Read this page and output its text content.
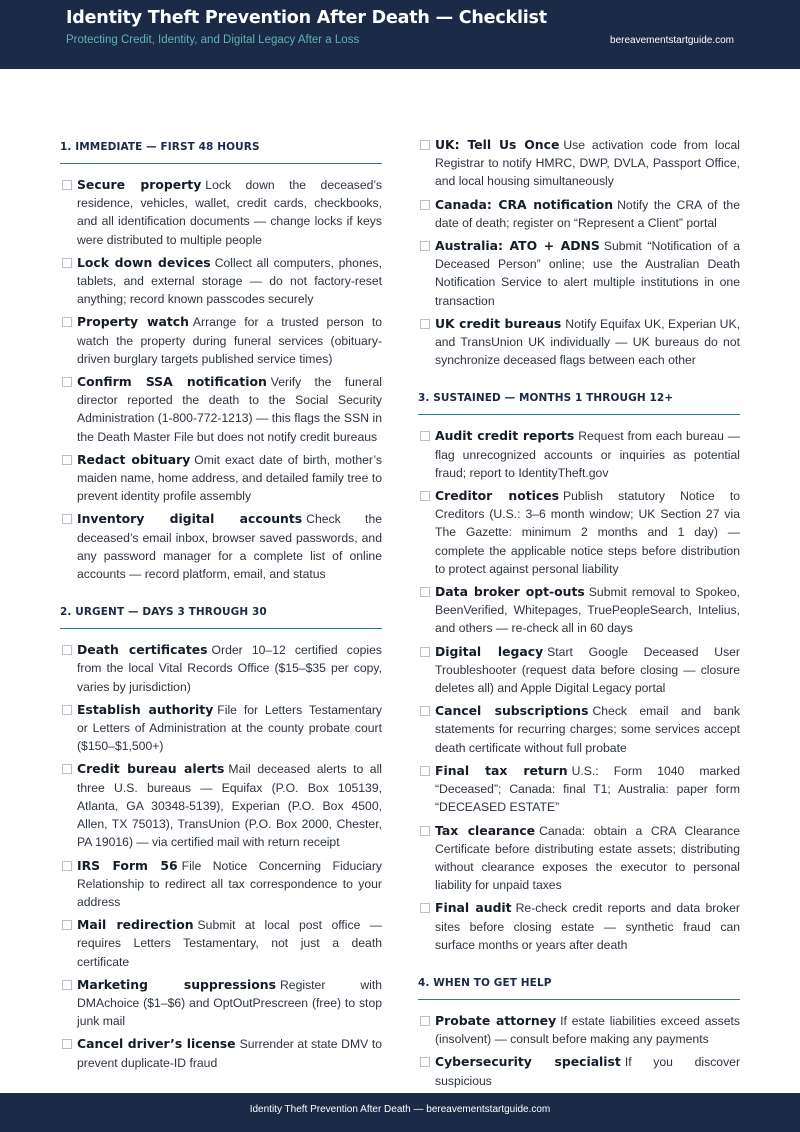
Identity Theft Prevention After Death — Checklist
Protecting Credit, Identity, and Digital Legacy After a Loss	bereavementstartguide.com
1. IMMEDIATE — FIRST 48 HOURS
Secure property Lock down the deceased’s residence, vehicles, wallet, credit cards, checkbooks, and all identification documents — change locks if keys were distributed to multiple people
Lock down devices Collect all computers, phones, tablets, and external storage — do not factory-reset anything; record known passcodes securely
Property watch Arrange for a trusted person to watch the property during funeral services (obituary-driven burglary targets published service times)
Confirm SSA notification Verify the funeral director reported the death to the Social Security Administration (1-800-772-1213) — this flags the SSN in the Death Master File but does not notify credit bureaus
Redact obituary Omit exact date of birth, mother’s maiden name, home address, and detailed family tree to prevent identity profile assembly
Inventory digital accounts Check the deceased’s email inbox, browser saved passwords, and any password manager for a complete list of online accounts — record platform, email, and status
2. URGENT — DAYS 3 THROUGH 30
Death certificates Order 10–12 certified copies from the local Vital Records Office ($15–$35 per copy, varies by jurisdiction)
Establish authority File for Letters Testamentary or Letters of Administration at the county probate court ($150–$1,500+)
Credit bureau alerts Mail deceased alerts to all three U.S. bureaus — Equifax (P.O. Box 105139, Atlanta, GA 30348-5139), Experian (P.O. Box 4500, Allen, TX 75013), TransUnion (P.O. Box 2000, Chester, PA 19016) — via certified mail with return receipt
IRS Form 56 File Notice Concerning Fiduciary Relationship to redirect all tax correspondence to your address
Mail redirection Submit at local post office — requires Letters Testamentary, not just a death certificate
Marketing suppressions Register with DMAchoice ($1–$6) and OptOutPrescreen (free) to stop junk mail
Cancel driver’s license Surrender at state DMV to prevent duplicate-ID fraud
UK: Tell Us Once Use activation code from local Registrar to notify HMRC, DWP, DVLA, Passport Office, and local housing simultaneously
Canada: CRA notification Notify the CRA of the date of death; register on “Represent a Client” portal
Australia: ATO + ADNS Submit “Notification of a Deceased Person” online; use the Australian Death Notification Service to alert multiple institutions in one transaction
UK credit bureaus Notify Equifax UK, Experian UK, and TransUnion UK individually — UK bureaus do not synchronize deceased flags between each other
3. SUSTAINED — MONTHS 1 THROUGH 12+
Audit credit reports Request from each bureau — flag unrecognized accounts or inquiries as potential fraud; report to IdentityTheft.gov
Creditor notices Publish statutory Notice to Creditors (U.S.: 3–6 month window; UK Section 27 via The Gazette: minimum 2 months and 1 day) — complete the applicable notice steps before distribution to protect against personal liability
Data broker opt-outs Submit removal to Spokeo, BeenVerified, Whitepages, TruePeopleSearch, Intelius, and others — re-check all in 60 days
Digital legacy Start Google Deceased User Troubleshooter (request data before closing — closure deletes all) and Apple Digital Legacy portal
Cancel subscriptions Check email and bank statements for recurring charges; some services accept death certificate without full probate
Final tax return U.S.: Form 1040 marked “Deceased”; Canada: final T1; Australia: paper form “DECEASED ESTATE”
Tax clearance Canada: obtain a CRA Clearance Certificate before distributing estate assets; distributing without clearance exposes the executor to personal liability for unpaid taxes
Final audit Re-check credit reports and data broker sites before closing estate — synthetic fraud can surface months or years after death
4. WHEN TO GET HELP
Probate attorney If estate liabilities exceed assets (insolvent) — consult before making any payments
Cybersecurity specialist If you discover suspicious
Identity Theft Prevention After Death — bereavementstartguide.com
